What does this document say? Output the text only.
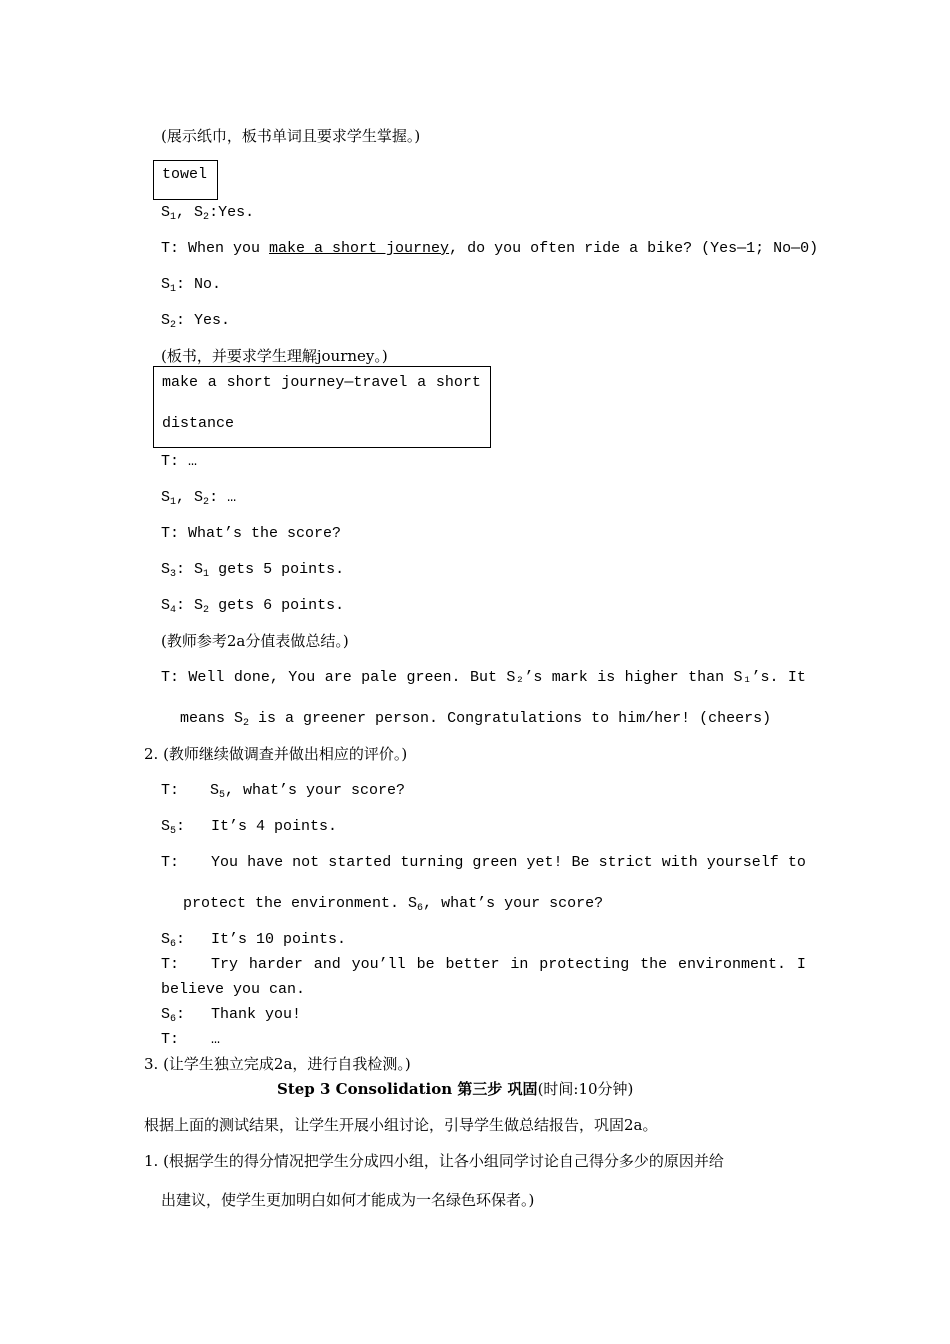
(展示纸巾，板书单词且要求学生掌握。)
towel
$S_1$, $S_2:Yes$.
T: When you make a short journey, do you often ride a bike? (Yes—1; No—0)
$S_1$: No.
$S_2$: Yes.
(板书，并要求学生理解journey。)
make a short journey—travel a short
distance
T: …
$S_1$, $S_2$: …
T: What’s the score?
$S_3$: $S_1$ gets 5 points.
$S_4$: $S_2$ gets 6 points.
(教师参考2a分值表做总结。)
T: Well done, You are pale green. But S₂’s mark is higher than S₁’s. It
means $S_2$ is a greener person. Congratulations to him/her! (cheers)
2. (教师继续做调查并做出相应的评价。)
T: $S_5$, what’s your score?
$S_5$: It’s 4 points.
T: You have not started turning green yet! Be strict with yourself to
protect the environment. $S_6$, what’s your score?
$S_6$: It’s 10 points.
T: Try harder and you’ll be better in protecting the environment. I
believe you can.
$S_6$: Thank you!
T: …
3. (让学生独立完成2a，进行自我检测。)
Step 3 Consolidation 第三步 巩固(时间:10分钟)
根据上面的测试结果，让学生开展小组讨论，引导学生做总结报告，巩固2a。
1. (根据学生的得分情况把学生分成四小组，让各小组同学讨论自己得分多少的原因并给
出建议，使学生更加明白如何才能成为一名绿色环保者。)
